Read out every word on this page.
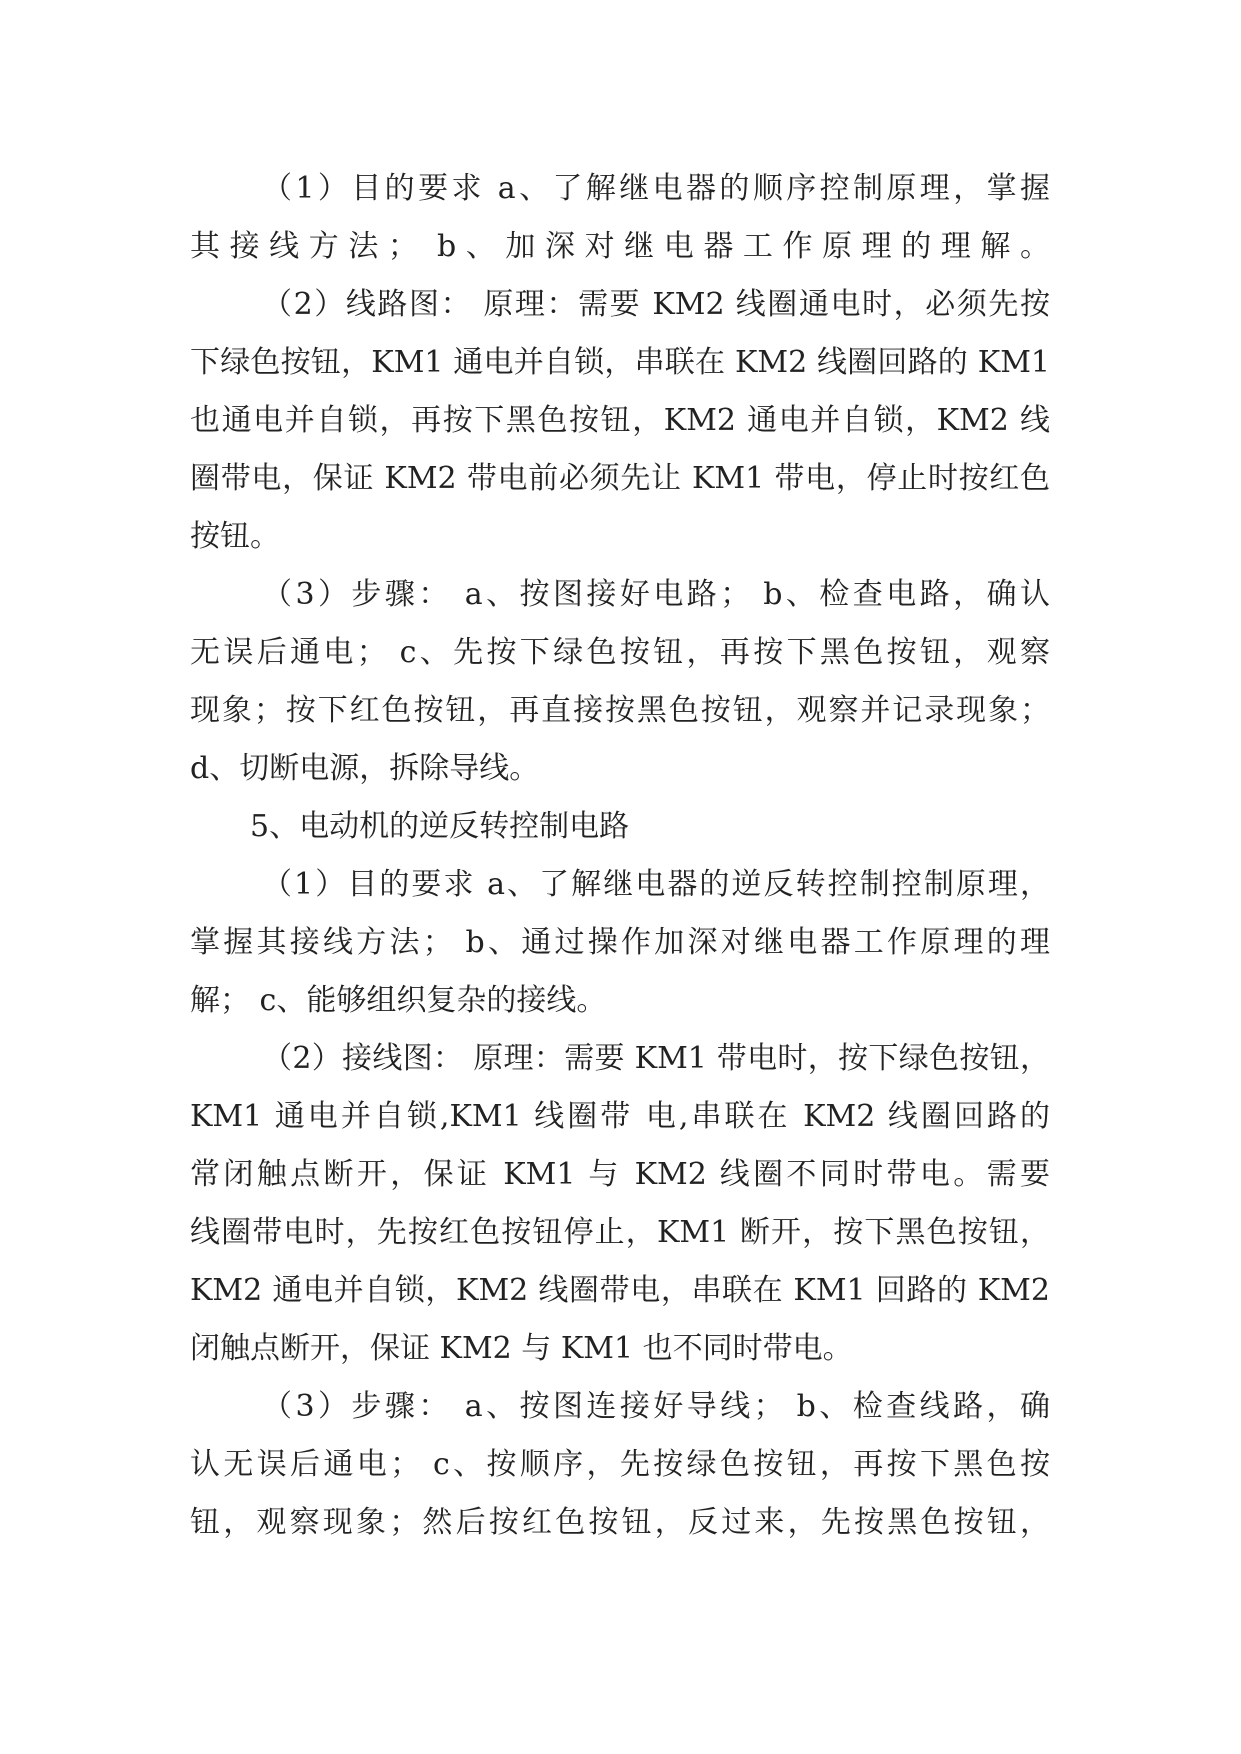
（1）目的要求 a、了解继电器的顺序控制原理，掌握
其接线方法； b、加深对继电器工作原理的理解。
（2）线路图： 原理：需要 KM2 线圈通电时，必须先按
下绿色按钮，KM1 通电并自锁，串联在 KM2 线圈回路的 KM1
也通电并自锁，再按下黑色按钮，KM2 通电并自锁，KM2 线
圈带电，保证 KM2 带电前必须先让 KM1 带电，停止时按红色
按钮。
（3）步骤： a、按图接好电路； b、检查电路，确认
无误后通电； c、先按下绿色按钮，再按下黑色按钮，观察
现象；按下红色按钮，再直接按黑色按钮，观察并记录现象；
d、切断电源，拆除导线。
5、电动机的逆反转控制电路
（1）目的要求 a、了解继电器的逆反转控制控制原理，
掌握其接线方法； b、通过操作加深对继电器工作原理的理
解； c、能够组织复杂的接线。
（2）接线图： 原理：需要 KM1 带电时，按下绿色按钮，
KM1 通电并自锁,KM1 线圈带 电,串联在 KM2 线圈回路的
常闭触点断开，保证 KM1 与 KM2 线圈不同时带电。需要
线圈带电时，先按红色按钮停止，KM1 断开，按下黑色按钮，
KM2 通电并自锁，KM2 线圈带电，串联在 KM1 回路的 KM2
闭触点断开，保证 KM2 与 KM1 也不同时带电。
（3）步骤： a、按图连接好导线； b、检查线路，确
认无误后通电； c、按顺序，先按绿色按钮，再按下黑色按
钮，观察现象；然后按红色按钮，反过来，先按黑色按钮，
